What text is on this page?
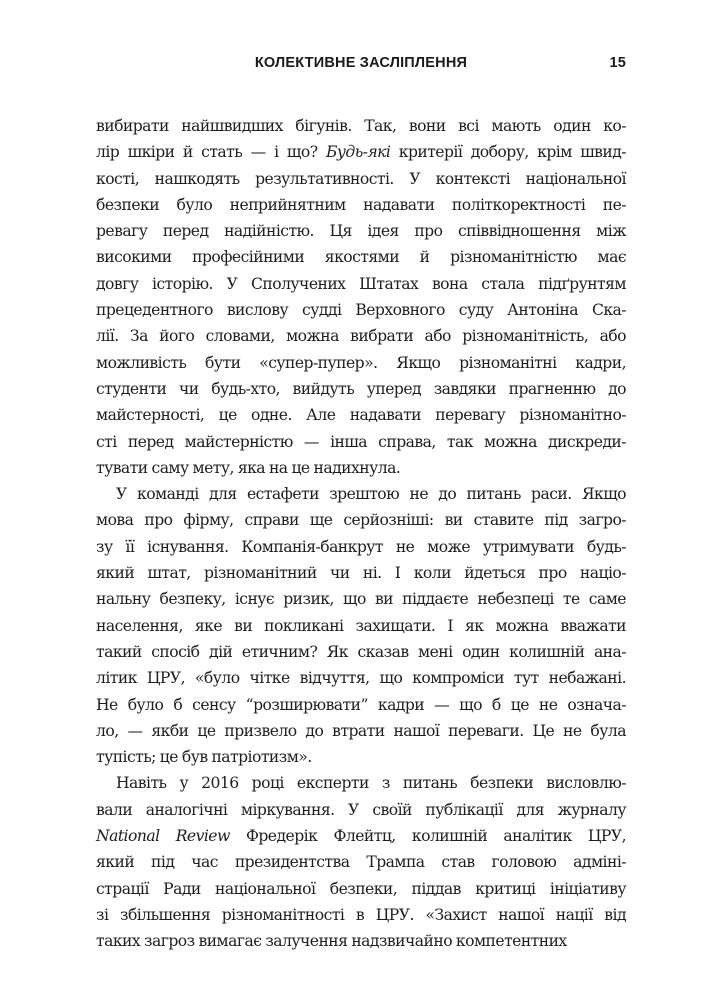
КОЛЕКТИВНЕ ЗАСЛІПЛЕННЯ	15
вибирати найшвидших бігунів. Так, вони всі мають один ко-
лір шкіри й стать — і що? Будь-які критерії добору, крім швид-
кості, нашкодять результативності. У контексті національної
безпеки було неприйнятним надавати політкоректності пе-
ревагу перед надійністю. Ця ідея про співвідношення між
високими професійними якостями й різноманітністю має
довгу історію. У Сполучених Штатах вона стала підґрунтям
прецедентного вислову судді Верховного суду Антоніна Ска-
лії. За його словами, можна вибрати або різноманітність, або
можливість бути «супер-пупер». Якщо різноманітні кадри,
студенти чи будь-хто, вийдуть уперед завдяки прагненню до
майстерності, це одне. Але надавати перевагу різноманітно-
сті перед майстерністю — інша справа, так можна дискреди-
тувати саму мету, яка на це надихнула.
У команді для естафети зрештою не до питань раси. Якщо
мова про фірму, справи ще серйозніші: ви ставите під загро-
зу її існування. Компанія-банкрут не може утримувати будь-
який штат, різноманітний чи ні. І коли йдеться про націо-
нальну безпеку, існує ризик, що ви піддаєте небезпеці те саме
населення, яке ви покликані захищати. І як можна вважати
такий спосіб дій етичним? Як сказав мені один колишній ана-
літик ЦРУ, «було чітке відчуття, що компроміси тут небажані.
Не було б сенсу “розширювати” кадри — що б це не означа-
ло, — якби це призвело до втрати нашої переваги. Це не була
тупість; це був патріотизм».
Навіть у 2016 році експерти з питань безпеки висловлю-
вали аналогічні міркування. У своїй публікації для журналу
National Review Фредерік Флейтц, колишній аналітик ЦРУ,
який під час президентства Трампа став головою адміні-
страції Ради національної безпеки, піддав критиці ініціативу
зі збільшення різноманітності в ЦРУ. «Захист нашої нації від
таких загроз вимагає залучення надзвичайно компетентних
